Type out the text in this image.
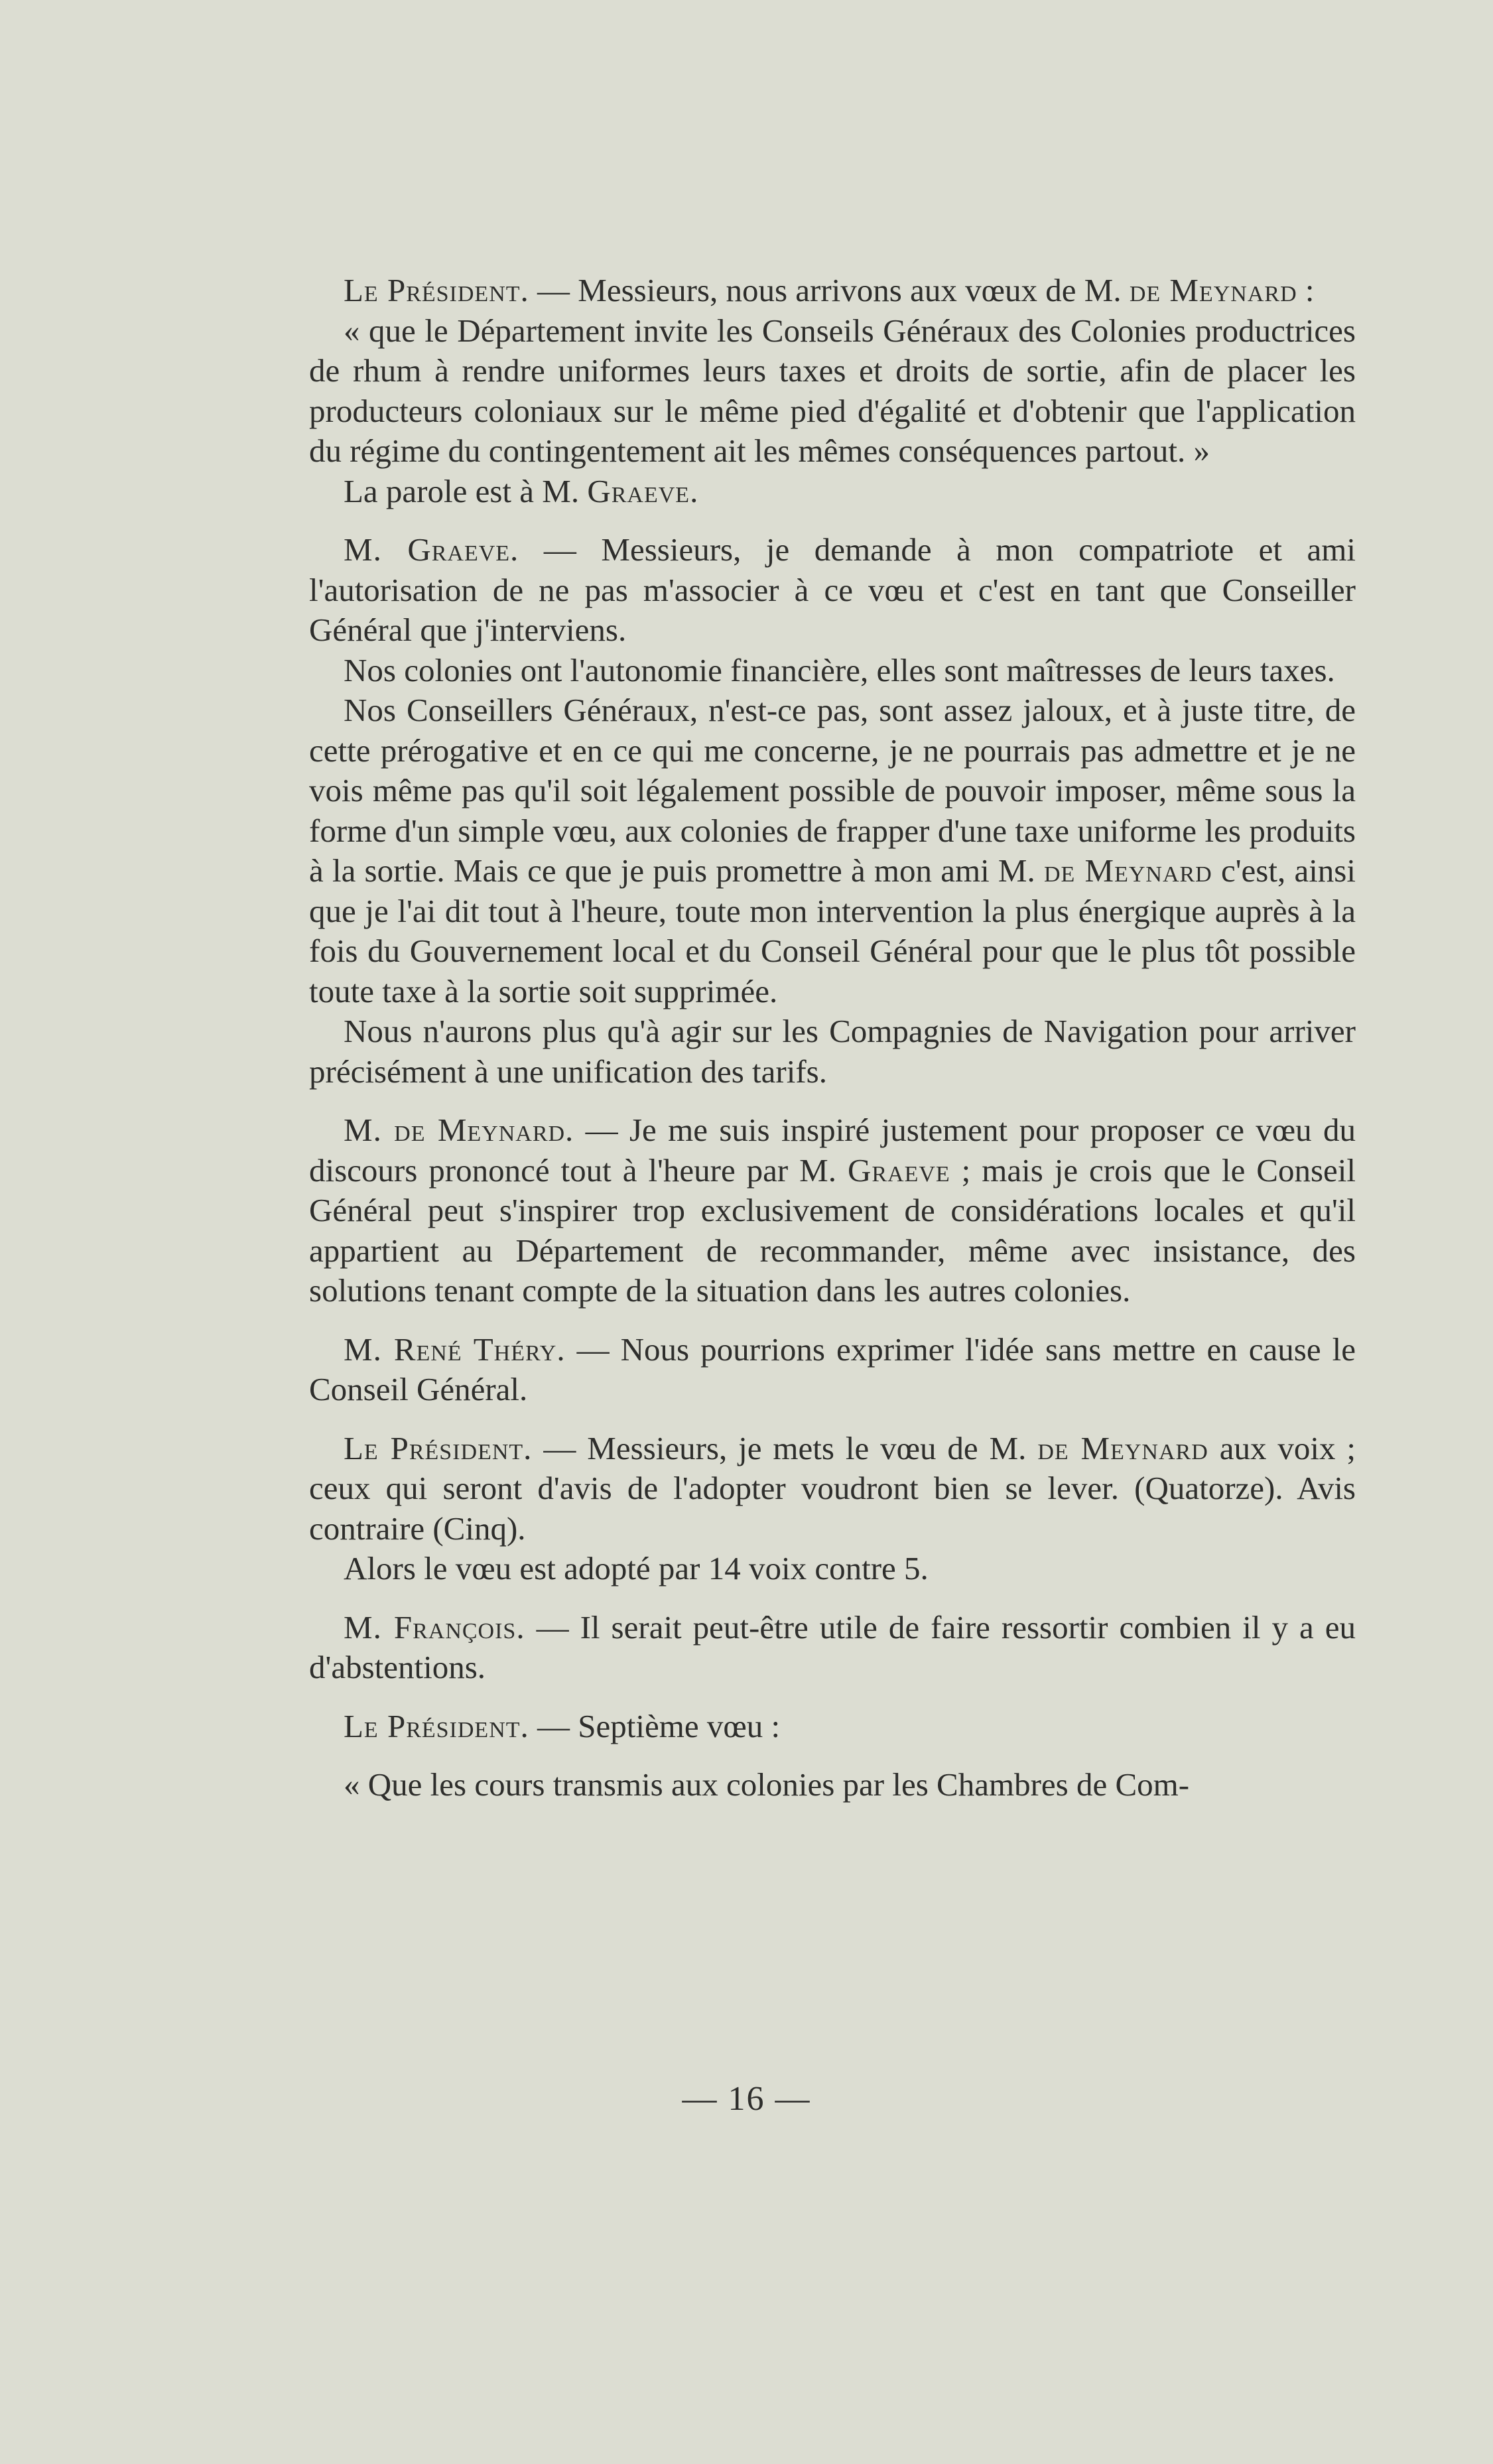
Le Président. — Messieurs, nous arrivons aux vœux de M. de Meynard :

« que le Département invite les Conseils Généraux des Colonies productrices de rhum à rendre uniformes leurs taxes et droits de sortie, afin de placer les producteurs coloniaux sur le même pied d'égalité et d'obtenir que l'application du régime du contingentement ait les mêmes conséquences partout. »

La parole est à M. Graeve.

M. Graeve. — Messieurs, je demande à mon compatriote et ami l'autorisation de ne pas m'associer à ce vœu et c'est en tant que Conseiller Général que j'interviens.

Nos colonies ont l'autonomie financière, elles sont maîtresses de leurs taxes.

Nos Conseillers Généraux, n'est-ce pas, sont assez jaloux, et à juste titre, de cette prérogative et en ce qui me concerne, je ne pourrais pas admettre et je ne vois même pas qu'il soit légalement possible de pouvoir imposer, même sous la forme d'un simple vœu, aux colonies de frapper d'une taxe uniforme les produits à la sortie. Mais ce que je puis promettre à mon ami M. de Meynard c'est, ainsi que je l'ai dit tout à l'heure, toute mon intervention la plus énergique auprès à la fois du Gouvernement local et du Conseil Général pour que le plus tôt possible toute taxe à la sortie soit supprimée.

Nous n'aurons plus qu'à agir sur les Compagnies de Navigation pour arriver précisément à une unification des tarifs.

M. de Meynard. — Je me suis inspiré justement pour proposer ce vœu du discours prononcé tout à l'heure par M. Graeve ; mais je crois que le Conseil Général peut s'inspirer trop exclusivement de considérations locales et qu'il appartient au Département de recommander, même avec insistance, des solutions tenant compte de la situation dans les autres colonies.

M. René Théry. — Nous pourrions exprimer l'idée sans mettre en cause le Conseil Général.

Le Président. — Messieurs, je mets le vœu de M. de Meynard aux voix ; ceux qui seront d'avis de l'adopter voudront bien se lever. (Quatorze). Avis contraire (Cinq).

Alors le vœu est adopté par 14 voix contre 5.

M. François. — Il serait peut-être utile de faire ressortir combien il y a eu d'abstentions.

Le Président. — Septième vœu :

« Que les cours transmis aux colonies par les Chambres de Com-

— 16 —
